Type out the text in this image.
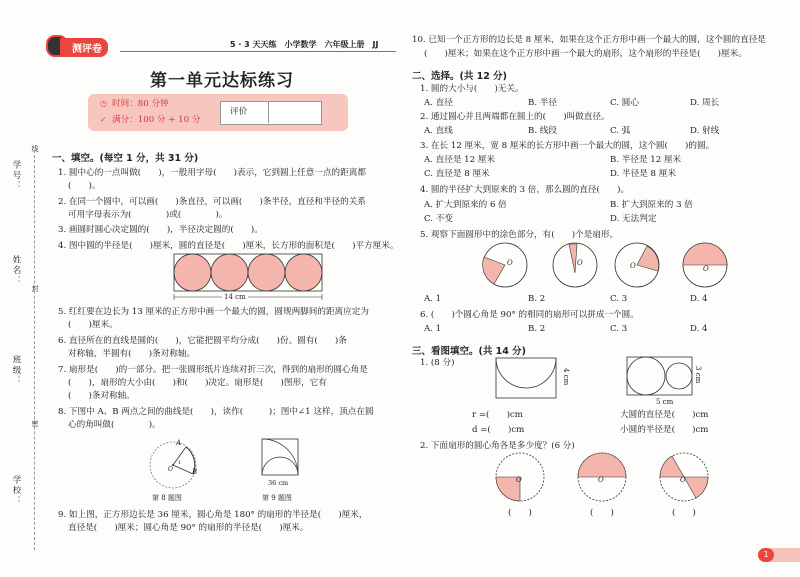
学号：
姓名：
班级：
学校：
线
封
密
测评卷	5 · 3 天天练　小学数学　六年级上册　JJ
第一单元达标练习
◷ 时间：80 分钟
✓ 满分：100 分 + 10 分
评价
一、填空。(每空 1 分，共 31 分)
1. 圆中心的一点叫做(　　)，一般用字母(　　)表示，它到圆上任意一点的距离都
(　　)。
2. 在同一个圆中，可以画(　　)条直径，可以画(　　)条半径，直径和半径的关系
可用字母表示为(　　　　)或(　　　　)。
3. 画圆时圆心决定圆的(　　)，半径决定圆的(　　)。
4. 图中圆的半径是(　　)厘米，圆的直径是(　　)厘米，长方形的面积是(　　)平方厘米。
14 cm
5. 红红要在边长为 13 厘米的正方形中画一个最大的圆，圆规两脚间的距离应定为
(　　)厘米。
6. 直径所在的直线是圆的(　　)，它能把圆平均分成(　　)份。圆有(　　)条
对称轴，半圆有(　　)条对称轴。
7. 扇形是(　　)的一部分。把一张圆形纸片连续对折三次，得到的扇形的圆心角是
(　　)，扇形的大小由(　　)和(　　)决定。扇形是(　　)图形，它有
(　　)条对称轴。
8. 下图中 A、B 两点之间的曲线是(　　)，读作(　　　)；图中∠1 这样，顶点在圆
心的角叫做(　　　　)。
A
B
O
1
第 8 题图
36 cm
第 9 题图
9. 如上图，正方形边长是 36 厘米，圆心角是 180° 的扇形的半径是(　　)厘米，
直径是(　　)厘米；圆心角是 90° 的扇形的半径是(　　)厘米。
10. 已知一个正方形的边长是 8 厘米，如果在这个正方形中画一个最大的圆，这个圆的直径是
(　　)厘米；如果在这个正方形中画一个最大的扇形，这个扇形的半径是(　　)厘米。
二、选择。(共 12 分)
1. 圆的大小与(　　)无关。
A. 直径	B. 半径	C. 圆心	D. 周长
2. 通过圆心并且两端都在圆上的(　　)叫做直径。
A. 直线	B. 线段	C. 弧	D. 射线
3. 在长 12 厘米，宽 8 厘米的长方形中画一个最大的圆，这个圆(　　)的圆。
A. 直径是 12 厘米	B. 半径是 12 厘米
C. 直径是 8 厘米	D. 半径是 8 厘米
4. 圆的半径扩大到原来的 3 倍，那么圆的直径(　　)。
A. 扩大到原来的 6 倍	B. 扩大到原来的 3 倍
C. 不变	D. 无法判定
5. 观察下面圆形中的涂色部分，有(　　)个是扇形。
O	O	O	O
A. 1	B. 2	C. 3	D. 4
6. (　　)个圆心角是 90° 的相同的扇形可以拼成一个圆。
A. 1	B. 2	C. 3	D. 4
三、看图填空。(共 14 分)
1. (8 分)
4 cm
5 cm
3 cm
r =(　　)cm
d =(　　)cm
大圆的直径是(　　)cm
小圆的半径是(　　)cm
2. 下面扇形的圆心角各是多少度？(6 分)
O	O	O
(　　)	(　　)	(　　)
1
